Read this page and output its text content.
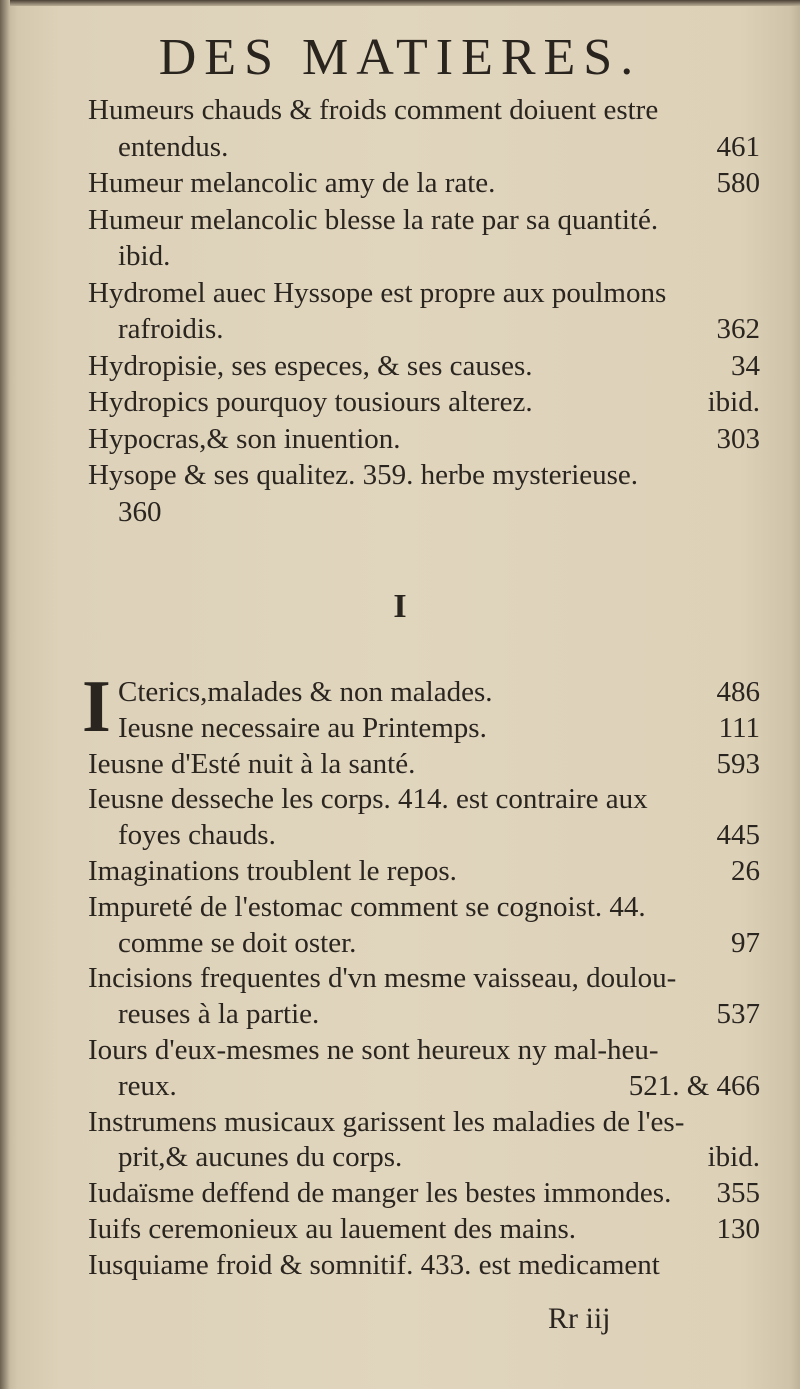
DES MATIERES.
Humeurs chauds & froids comment doiuent estre
entendus.	461
Humeur melancolic amy de la rate.	580
Humeur melancolic blesse la rate par sa quantité.
ibid.
Hydromel auec Hyssope est propre aux poulmons
rafroidis.	362
Hydropisie, ses especes, & ses causes.	34
Hydropics pourquoy tousiours alterez.	ibid.
Hypocras,& son inuention.	303
Hysope & ses qualitez. 359. herbe mysterieuse.
360
I
I Cterics,malades & non malades.	486
Ieusne necessaire au Printemps.	111
Ieusne d'Esté nuit à la santé.	593
Ieusne desseche les corps. 414. est contraire aux
foyes chauds.	445
Imaginations troublent le repos.	26
Impureté de l'estomac comment se cognoist. 44.
comme se doit oster.	97
Incisions frequentes d'vn mesme vaisseau, doulou-
reuses à la partie.	537
Iours d'eux-mesmes ne sont heureux ny mal-heu-
reux.	521. & 466
Instrumens musicaux garissent les maladies de l'es-
prit,& aucunes du corps.	ibid.
Iudaïsme deffend de manger les bestes immondes.	355
Iuifs ceremonieux au lauement des mains.	130
Iusquiame froid & somnitif. 433. est medicament
Rr iij
